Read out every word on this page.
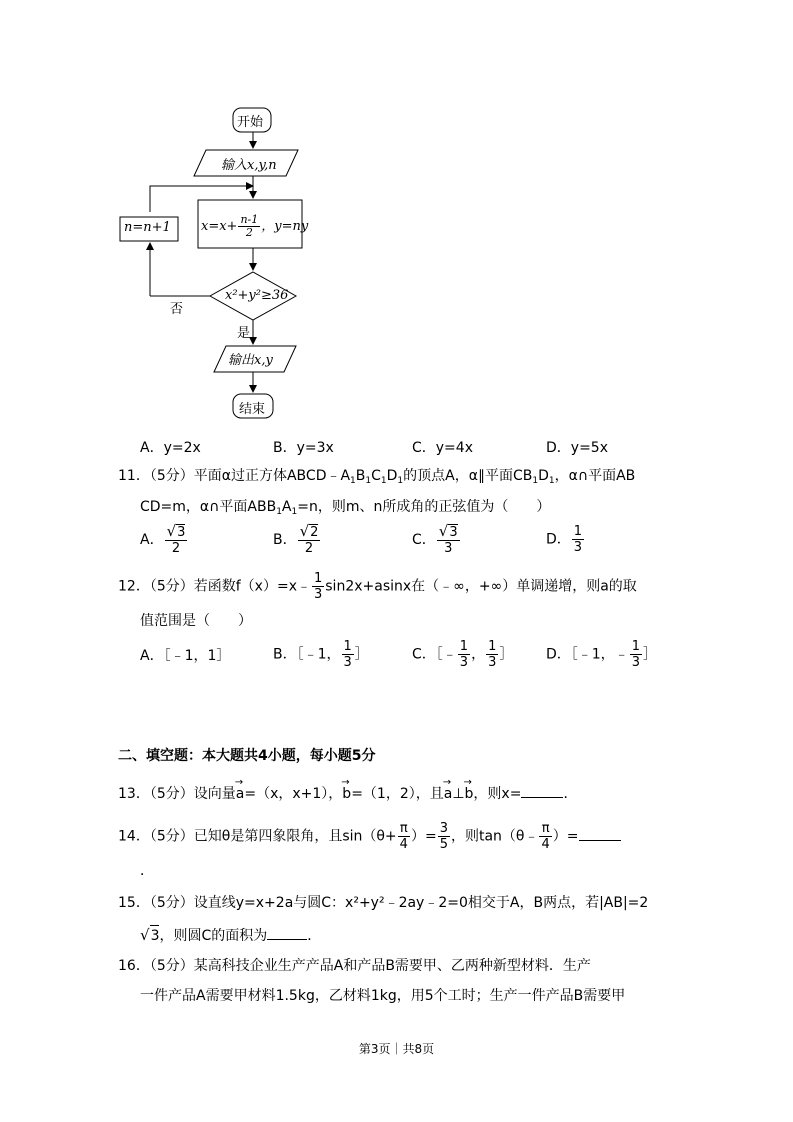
开始
输入x,y,n
$x=x+ \frac{n-1}{2}$ ，y=ny
n=n+1
x²+y²≥36
否
是
输出x,y
结束
A．y=2x	B．y=3x	C．y=4x	D．y=5x
11．（5分）平面α过正方体$ABCD﹣A_1B_1C_1D_1$的顶点A，α∥平面$CB_1D_1$，α∩平面AB
CD=m，α∩平面$ABB_1A_1=n$，则m、n所成角的正弦值为（　　）
A． $\frac{√3}{2}$	B． $\frac{√2}{2}$	C． $\frac{√3}{3}$	D． $\frac{1}{3}$
12．（5分）若函数f（x）=x﹣ $\frac{1}{3} \sin 2x+asinx$在（﹣∞，+∞）单调递增，则a的取
值范围是（　　）
A．［﹣1，1］	B．［﹣1， $\frac{1}{3}$ ］	C．［﹣ $\frac{1}{3}$ ， $\frac{1}{3}$ ］ D．［﹣1，﹣ $\frac{1}{3}$ ］
二、填空题：本大题共4小题，每小题5分
13．（5分）设向量→ a=（x，x+1），→ b=（1，2），且→ a⊥→ b，则x=	．
14．（5分）已知θ是第四象限角，且$\sin(\theta+ \frac{\pi}{4}$ ）= $\frac{3}{5}$ ，则tan（θ﹣ $\frac{\pi}{4}$ ）=
．
15．（5分）设直线y=x+2a与圆C：x²+y²﹣2ay﹣2=0相交于A，B两点，若|AB|=2
√3，则圆C的面积为	．
16．（5分）某高科技企业生产产品A和产品B需要甲、乙两种新型材料．生产
一件产品A需要甲材料1.5kg，乙材料1kg，用5个工时；生产一件产品B需要甲
第3页｜共8页
